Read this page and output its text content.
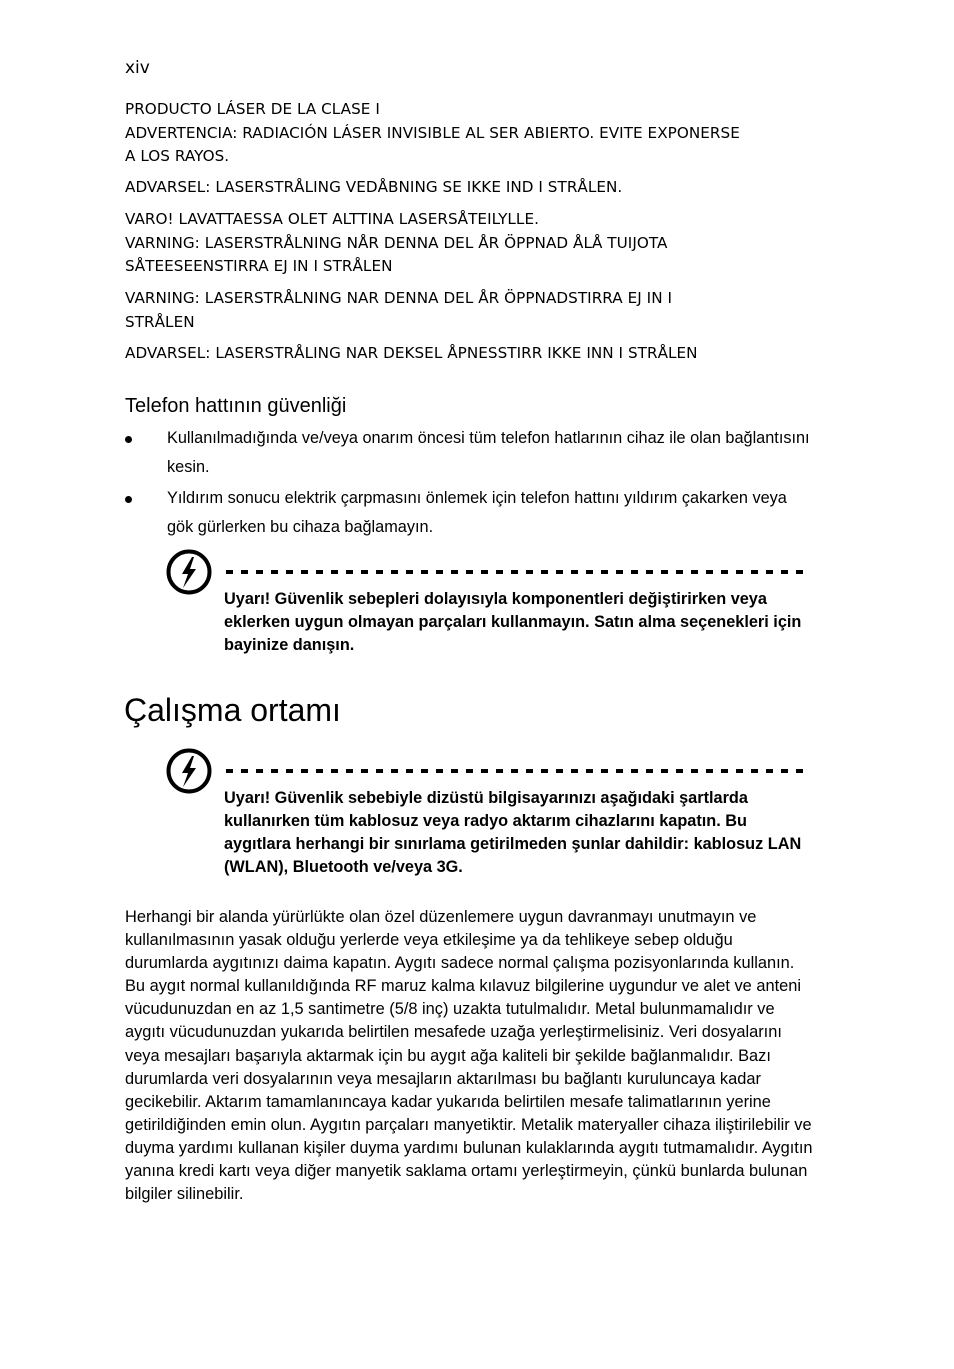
xiv

PRODUCTO LÁSER DE LA CLASE I
ADVERTENCIA: RADIACIÓN LÁSER INVISIBLE AL SER ABIERTO. EVITE EXPONERSE
A LOS RAYOS.

ADVARSEL: LASERSTRÅLING VEDÅBNING SE IKKE IND I STRÅLEN.

VARO! LAVATTAESSA OLET ALTTINA LASERSÅTEILYLLE.
VARNING: LASERSTRÅLNING NÅR DENNA DEL ÅR ÖPPNAD ÅLÅ TUIJOTA
SÅTEESEENSTIRRA EJ IN I STRÅLEN

VARNING: LASERSTRÅLNING NAR DENNA DEL ÅR ÖPPNADSTIRRA EJ IN I
STRÅLEN

ADVARSEL: LASERSTRÅLING NAR DEKSEL ÅPNESSTIRR IKKE INN I STRÅLEN

Telefon hattının güvenliği
Kullanılmadığında ve/veya onarım öncesi tüm telefon hatlarının cihaz ile olan bağlantısını kesin.
Yıldırım sonucu elektrik çarpmasını önlemek için telefon hattını yıldırım çakarken veya gök gürlerken bu cihaza bağlamayın.

Uyarı! Güvenlik sebepleri dolayısıyla komponentleri değiştirirken veya eklerken uygun olmayan parçaları kullanmayın. Satın alma seçenekleri için bayinize danışın.

Çalışma ortamı

Uyarı! Güvenlik sebebiyle dizüstü bilgisayarınızı aşağıdaki şartlarda kullanırken tüm kablosuz veya radyo aktarım cihazlarını kapatın. Bu aygıtlara herhangi bir sınırlama getirilmeden şunlar dahildir: kablosuz LAN (WLAN), Bluetooth ve/veya 3G.

Herhangi bir alanda yürürlükte olan özel düzenlemere uygun davranmayı unutmayın ve kullanılmasının yasak olduğu yerlerde veya etkileşime ya da tehlikeye sebep olduğu durumlarda aygıtınızı daima kapatın. Aygıtı sadece normal çalışma pozisyonlarında kullanın. Bu aygıt normal kullanıldığında RF maruz kalma kılavuz bilgilerine uygundur ve alet ve anteni vücudunuzdan en az 1,5 santimetre (5/8 inç) uzakta tutulmalıdır. Metal bulunmamalıdır ve aygıtı vücudunuzdan yukarıda belirtilen mesafede uzağa yerleştirmelisiniz. Veri dosyalarını veya mesajları başarıyla aktarmak için bu aygıt ağa kaliteli bir şekilde bağlanmalıdır. Bazı durumlarda veri dosyalarının veya mesajların aktarılması bu bağlantı kuruluncaya kadar gecikebilir. Aktarım tamamlanıncaya kadar yukarıda belirtilen mesafe talimatlarının yerine getirildiğinden emin olun. Aygıtın parçaları manyetiktir. Metalik materyaller cihaza iliştirilebilir ve duyma yardımı kullanan kişiler duyma yardımı bulunan kulaklarında aygıtı tutmamalıdır. Aygıtın yanına kredi kartı veya diğer manyetik saklama ortamı yerleştirmeyin, çünkü bunlarda bulunan bilgiler silinebilir.
